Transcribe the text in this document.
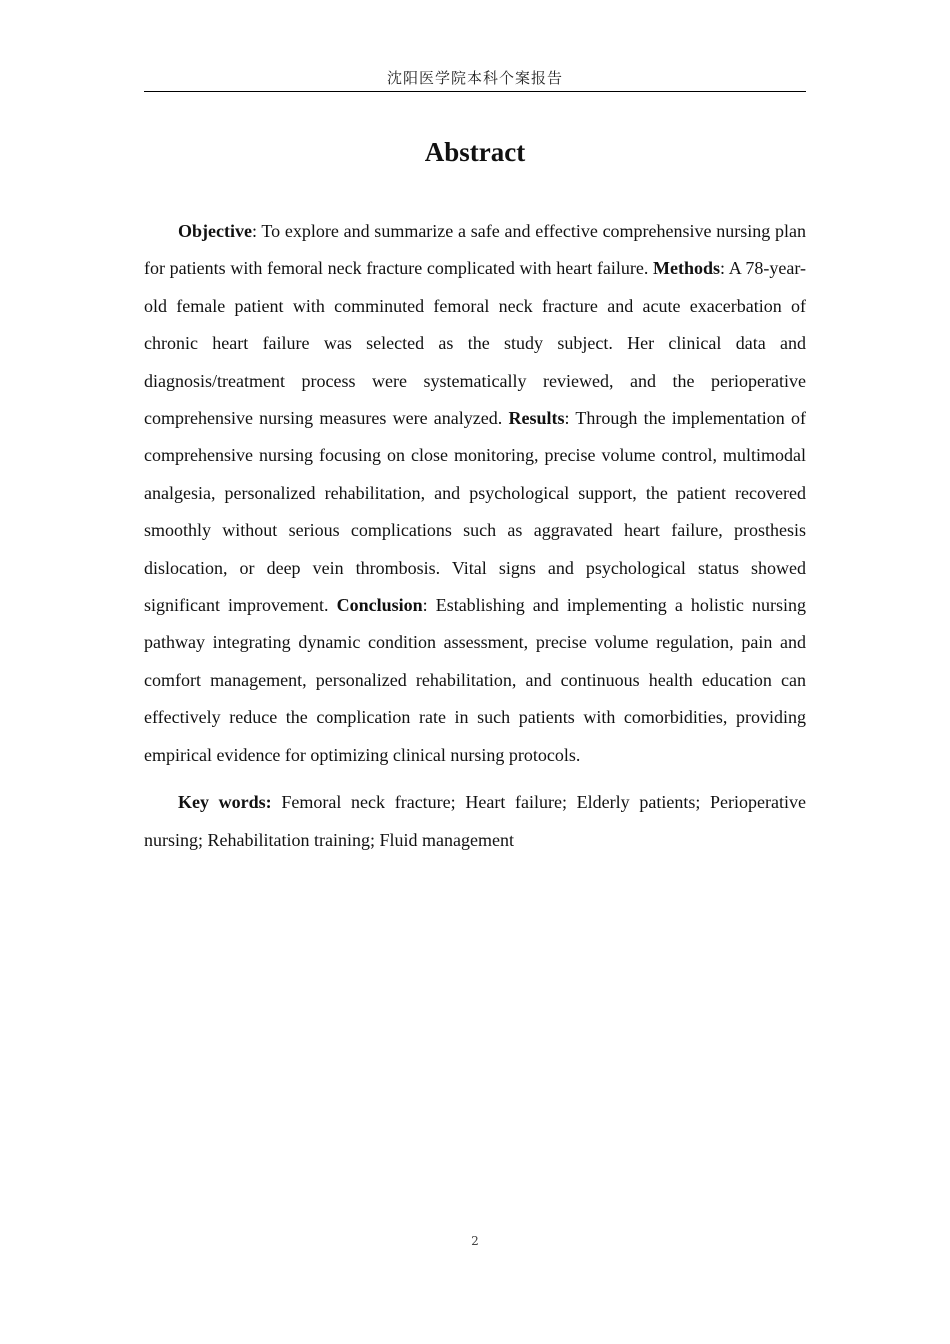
沈阳医学院本科个案报告
Abstract

Objective: To explore and summarize a safe and effective comprehensive nursing plan for patients with femoral neck fracture complicated with heart failure. Methods: A 78-year-old female patient with comminuted femoral neck fracture and acute exacerbation of chronic heart failure was selected as the study subject. Her clinical data and diagnosis/treatment process were systematically reviewed, and the perioperative comprehensive nursing measures were analyzed. Results: Through the implementation of comprehensive nursing focusing on close monitoring, precise volume control, multimodal analgesia, personalized rehabilitation, and psychological support, the patient recovered smoothly without serious complications such as aggravated heart failure, prosthesis dislocation, or deep vein thrombosis. Vital signs and psychological status showed significant improvement. Conclusion: Establishing and implementing a holistic nursing pathway integrating dynamic condition assessment, precise volume regulation, pain and comfort management, personalized rehabilitation, and continuous health education can effectively reduce the complication rate in such patients with comorbidities, providing empirical evidence for optimizing clinical nursing protocols.

Key words: Femoral neck fracture; Heart failure; Elderly patients; Perioperative nursing; Rehabilitation training; Fluid management

2
